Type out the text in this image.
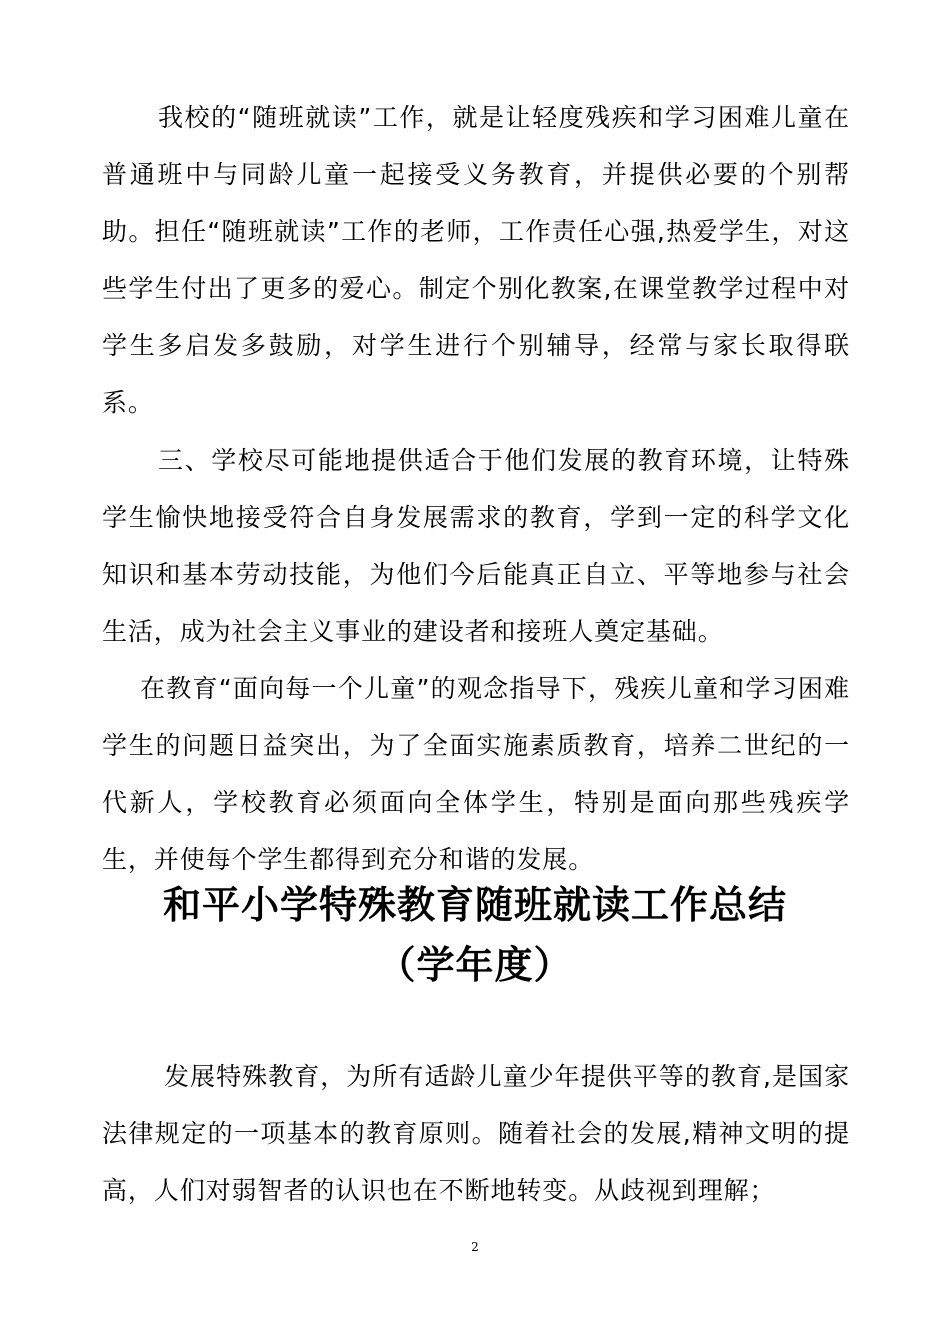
我校的“随班就读”工作，就是让轻度残疾和学习困难儿童在普通班中与同龄儿童一起接受义务教育，并提供必要的个别帮助。担任“随班就读”工作的老师，工作责任心强,热爱学生，对这些学生付出了更多的爱心。制定个别化教案,在课堂教学过程中对学生多启发多鼓励，对学生进行个别辅导，经常与家长取得联系。

三、学校尽可能地提供适合于他们发展的教育环境，让特殊学生愉快地接受符合自身发展需求的教育，学到一定的科学文化知识和基本劳动技能，为他们今后能真正自立、平等地参与社会生活，成为社会主义事业的建设者和接班人奠定基础。

在教育“面向每一个儿童”的观念指导下，残疾儿童和学习困难学生的问题日益突出，为了全面实施素质教育，培养二世纪的一代新人，学校教育必须面向全体学生，特别是面向那些残疾学生，并使每个学生都得到充分和谐的发展。

和平小学特殊教育随班就读工作总结
（学年度）

发展特殊教育，为所有适龄儿童少年提供平等的教育,是国家法律规定的一项基本的教育原则。随着社会的发展,精神文明的提高，人们对弱智者的认识也在不断地转变。从歧视到理解；

2
